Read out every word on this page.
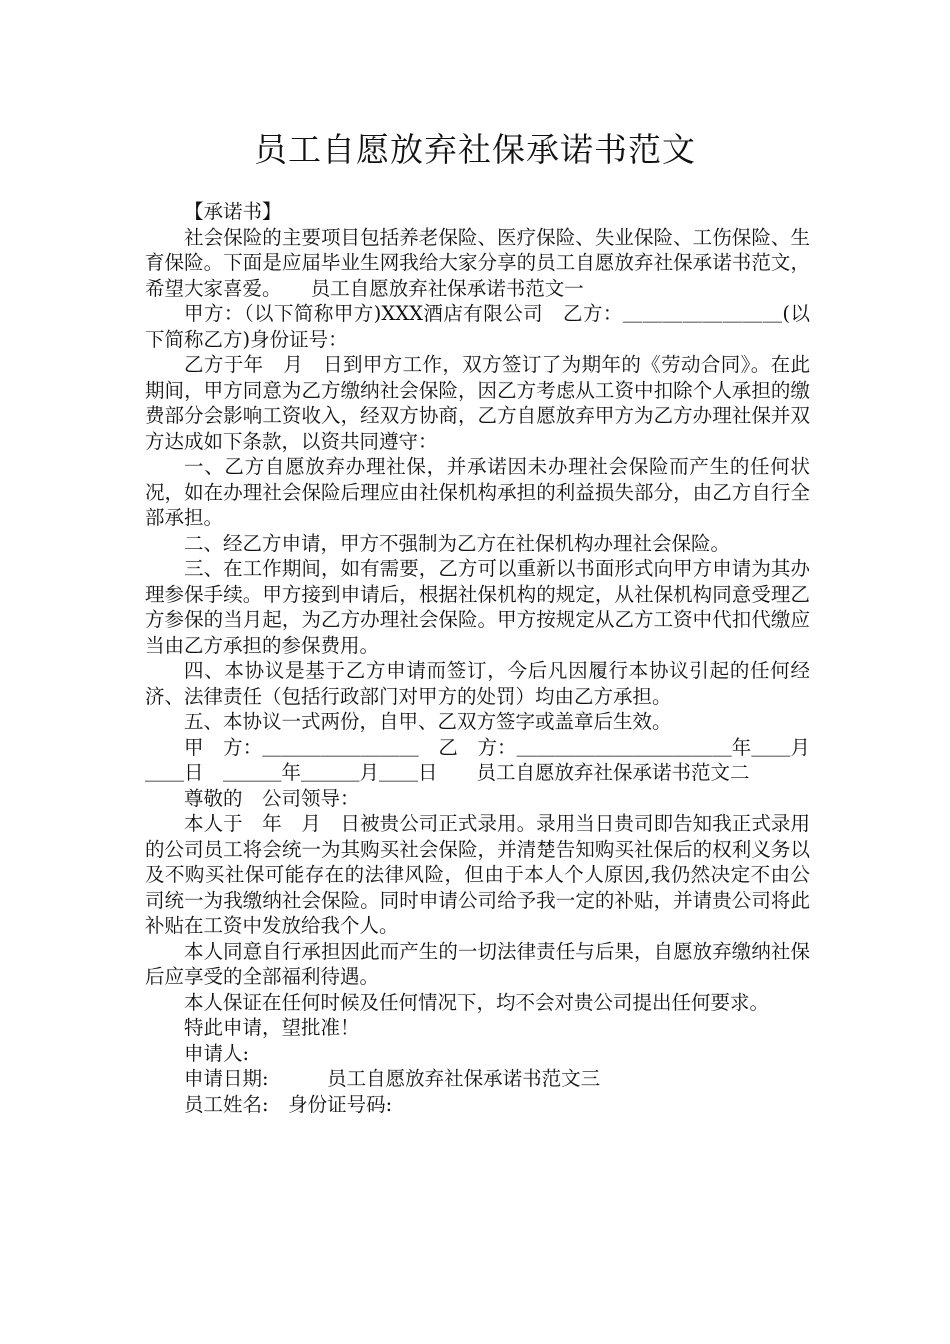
员工自愿放弃社保承诺书范文

【承诺书】

社会保险的主要项目包括养老保险、医疗保险、失业保险、工伤保险、生育保险。下面是应届毕业生网我给大家分享的员工自愿放弃社保承诺书范文，希望大家喜爱。　　员工自愿放弃社保承诺书范文一

甲方：（以下简称甲方)XXX酒店有限公司　乙方：＿＿＿＿＿＿＿＿(以下简称乙方)身份证号：

乙方于年　月　日到甲方工作，双方签订了为期年的《劳动合同》。在此期间，甲方同意为乙方缴纳社会保险，因乙方考虑从工资中扣除个人承担的缴费部分会影响工资收入，经双方协商，乙方自愿放弃甲方为乙方办理社保并双方达成如下条款，以资共同遵守：

一、乙方自愿放弃办理社保，并承诺因未办理社会保险而产生的任何状况，如在办理社会保险后理应由社保机构承担的利益损失部分，由乙方自行全部承担。

二、经乙方申请，甲方不强制为乙方在社保机构办理社会保险。

三、在工作期间，如有需要，乙方可以重新以书面形式向甲方申请为其办理参保手续。甲方接到申请后，根据社保机构的规定，从社保机构同意受理乙方参保的当月起，为乙方办理社会保险。甲方按规定从乙方工资中代扣代缴应当由乙方承担的参保费用。

四、本协议是基于乙方申请而签订，今后凡因履行本协议引起的任何经济、法律责任（包括行政部门对甲方的处罚）均由乙方承担。

五、本协议一式两份，自甲、乙双方签字或盖章后生效。

甲　方：＿＿＿＿＿＿＿＿　乙　方：＿＿＿＿＿＿＿＿＿＿＿年＿＿月＿＿日　＿＿＿年＿＿＿月＿＿日　　员工自愿放弃社保承诺书范文二

尊敬的　公司领导：

本人于　年　月　日被贵公司正式录用。录用当日贵司即告知我正式录用的公司员工将会统一为其购买社会保险，并清楚告知购买社保后的权利义务以及不购买社保可能存在的法律风险，但由于本人个人原因,我仍然决定不由公司统一为我缴纳社会保险。同时申请公司给予我一定的补贴，并请贵公司将此补贴在工资中发放给我个人。

本人同意自行承担因此而产生的一切法律责任与后果，自愿放弃缴纳社保后应享受的全部福利待遇。

本人保证在任何时候及任何情况下，均不会对贵公司提出任何要求。

特此申请，望批准！

申请人:

申请日期:　　　员工自愿放弃社保承诺书范文三

员工姓名:　身份证号码:
